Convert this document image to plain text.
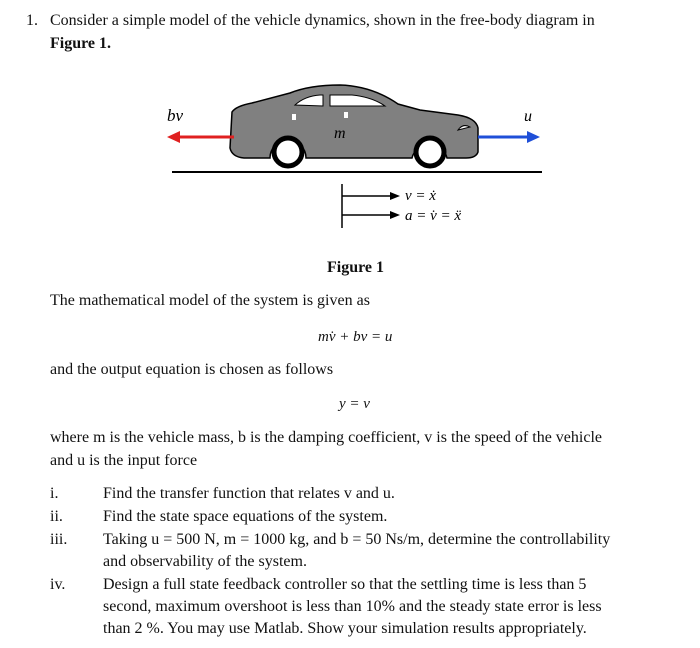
1. Consider a simple model of the vehicle dynamics, shown in the free-body diagram in
Figure 1.
bv	u
m
v = ẋ
a = v̇ = ẍ
Figure 1
The mathematical model of the system is given as
mv̇ + bv = u
and the output equation is chosen as follows
y = v
where m is the vehicle mass, b is the damping coefficient, v is the speed of the vehicle
and u is the input force
i.	Find the transfer function that relates v and u.
ii.	Find the state space equations of the system.
iii. Taking u = 500 N, m = 1000 kg, and b = 50 Ns/m, determine the controllability
and observability of the system.
iv. Design a full state feedback controller so that the settling time is less than 5
second, maximum overshoot is less than 10% and the steady state error is less
than 2 %. You may use Matlab. Show your simulation results appropriately.
